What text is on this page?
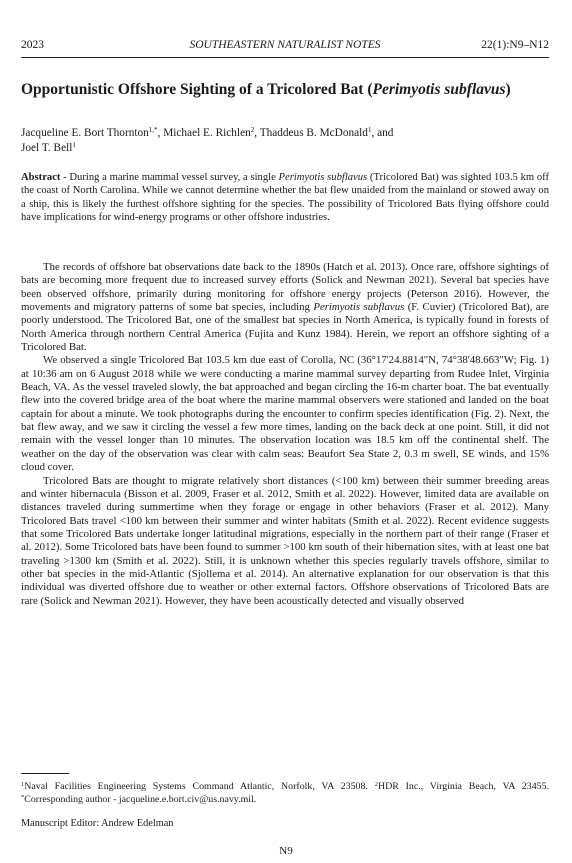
2023	SOUTHEASTERN NATURALIST NOTES	22(1):N9–N12
Opportunistic Offshore Sighting of a Tricolored Bat (Perimyotis subflavus)

Jacqueline E. Bort Thornton$^{1,*}$, Michael E. Richlen$^2$, Thaddeus B. McDonald$^1$, and
Joel T. Bell$^1$

Abstract - During a marine mammal vessel survey, a single Perimyotis subflavus (Tricolored Bat) was sighted 103.5 km off the coast of North Carolina. While we cannot determine whether the bat flew unaided from the mainland or stowed away on a ship, this is likely the furthest offshore sighting for the species. The possibility of Tricolored Bats flying offshore could have implications for wind-energy programs or other offshore industries.

The records of offshore bat observations date back to the 1890s (Hatch et al. 2013). Once rare, offshore sightings of bats are becoming more frequent due to increased survey efforts (Solick and Newman 2021). Several bat species have been observed offshore, primarily during monitoring for offshore energy projects (Peterson 2016). However, the movements and migratory patterns of some bat species, including Perimyotis subflavus (F. Cuvier) (Tricolored Bat), are poorly understood. The Tricolored Bat, one of the smallest bat species in North America, is typically found in forests of North America through northern Central America (Fujita and Kunz 1984). Herein, we report an offshore sighting of a Tricolored Bat.

We observed a single Tricolored Bat 103.5 km due east of Corolla, NC (36°17'24.8814"N, 74°38'48.663"W; Fig. 1) at 10:36 am on 6 August 2018 while we were conducting a marine mammal survey departing from Rudee Inlet, Virginia Beach, VA. As the vessel traveled slowly, the bat approached and began circling the 16-m charter boat. The bat eventually flew into the covered bridge area of the boat where the marine mammal observers were stationed and landed on the boat captain for about a minute. We took photographs during the encounter to confirm species identification (Fig. 2). Next, the bat flew away, and we saw it circling the vessel a few more times, landing on the back deck at one point. Still, it did not remain with the vessel longer than 10 minutes. The observation location was 18.5 km off the continental shelf. The weather on the day of the observation was clear with calm seas: Beaufort Sea State 2, 0.3 m swell, SE winds, and 15% cloud cover.

Tricolored Bats are thought to migrate relatively short distances (<100 km) between their summer breeding areas and winter hibernacula (Bisson et al. 2009, Fraser et al. 2012, Smith et al. 2022). However, limited data are available on distances traveled during summertime when they forage or engage in other behaviors (Fraser et al. 2012). Many Tricolored Bats travel <100 km between their summer and winter habitats (Smith et al. 2022). Recent evidence suggests that some Tricolored Bats undertake longer latitudinal migrations, especially in the northern part of their range (Fraser et al. 2012). Some Tricolored bats have been found to summer >100 km south of their hibernation sites, with at least one bat traveling >1300 km (Smith et al. 2022). Still, it is unknown whether this species regularly travels offshore, similar to other bat species in the mid-Atlantic (Sjollema et al. 2014). An alternative explanation for our observation is that this individual was diverted offshore due to weather or other external factors. Offshore observations of Tricolored Bats are rare (Solick and Newman 2021). However, they have been acoustically detected and visually observed

$^1$Naval Facilities Engineering Systems Command Atlantic, Norfolk, VA 23508. $^2$HDR Inc., Virginia Beach, VA 23455. *Corresponding author - jacqueline.e.bort.civ@us.navy.mil.

Manuscript Editor: Andrew Edelman

N9
